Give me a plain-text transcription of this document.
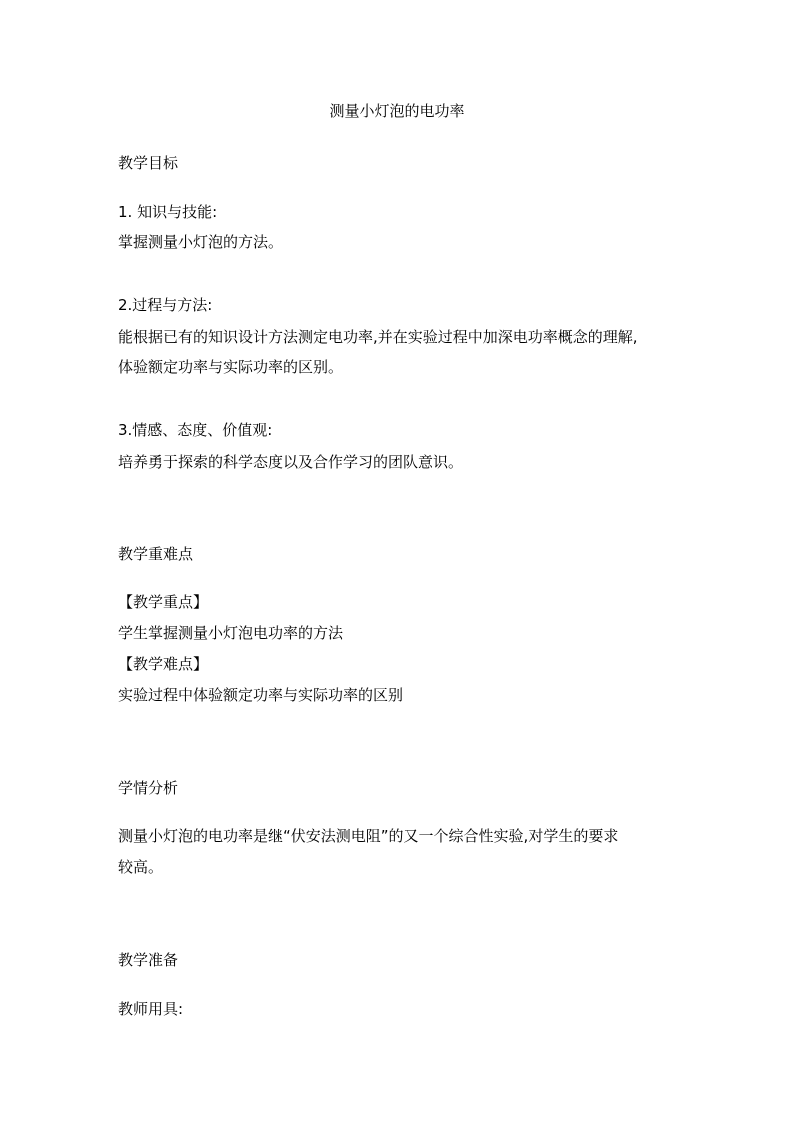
测量小灯泡的电功率
教学目标
1. 知识与技能:
掌握测量小灯泡的方法。
2.过程与方法:
能根据已有的知识设计方法测定电功率,并在实验过程中加深电功率概念的理解,
体验额定功率与实际功率的区别。
3.情感、态度、价值观:
培养勇于探索的科学态度以及合作学习的团队意识。
教学重难点
【教学重点】
学生掌握测量小灯泡电功率的方法
【教学难点】
实验过程中体验额定功率与实际功率的区别
学情分析
测量小灯泡的电功率是继“伏安法测电阻”的又一个综合性实验,对学生的要求
较高。
教学准备
教师用具:
